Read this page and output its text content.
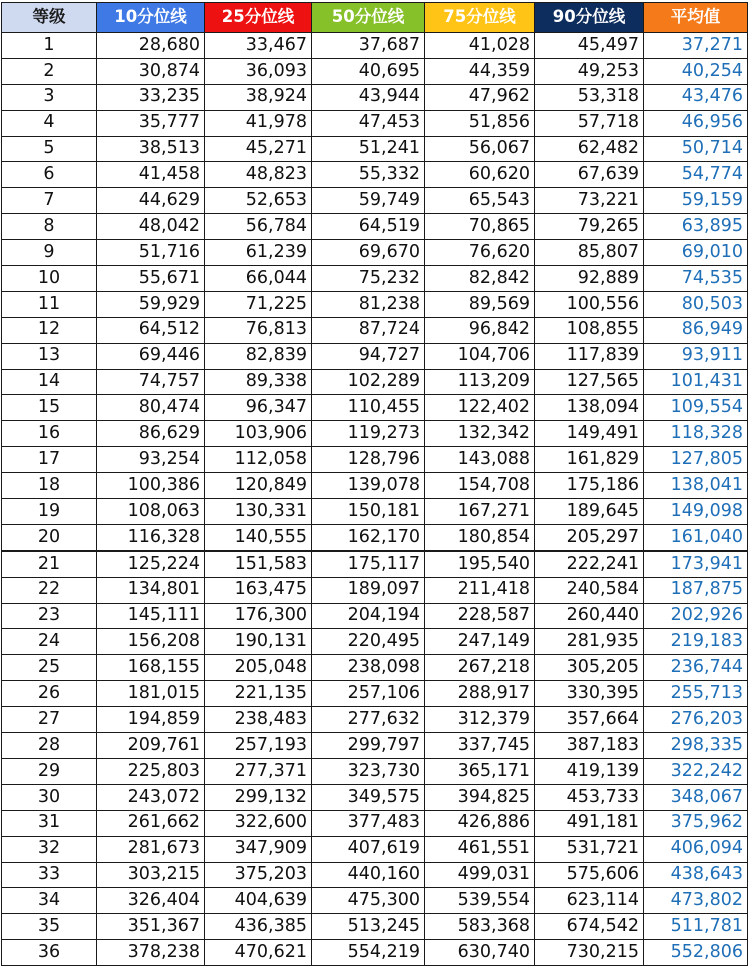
等级	10分位线	25分位线	50分位线	75分位线	90分位线	平均值
1	28,680	33,467	37,687	41,028	45,497	37,271
2	30,874	36,093	40,695	44,359	49,253	40,254
3	33,235	38,924	43,944	47,962	53,318	43,476
4	35,777	41,978	47,453	51,856	57,718	46,956
5	38,513	45,271	51,241	56,067	62,482	50,714
6	41,458	48,823	55,332	60,620	67,639	54,774
7	44,629	52,653	59,749	65,543	73,221	59,159
8	48,042	56,784	64,519	70,865	79,265	63,895
9	51,716	61,239	69,670	76,620	85,807	69,010
10	55,671	66,044	75,232	82,842	92,889	74,535
11	59,929	71,225	81,238	89,569	100,556	80,503
12	64,512	76,813	87,724	96,842	108,855	86,949
13	69,446	82,839	94,727	104,706	117,839	93,911
14	74,757	89,338	102,289	113,209	127,565	101,431
15	80,474	96,347	110,455	122,402	138,094	109,554
16	86,629	103,906	119,273	132,342	149,491	118,328
17	93,254	112,058	128,796	143,088	161,829	127,805
18	100,386	120,849	139,078	154,708	175,186	138,041
19	108,063	130,331	150,181	167,271	189,645	149,098
20	116,328	140,555	162,170	180,854	205,297	161,040
21	125,224	151,583	175,117	195,540	222,241	173,941
22	134,801	163,475	189,097	211,418	240,584	187,875
23	145,111	176,300	204,194	228,587	260,440	202,926
24	156,208	190,131	220,495	247,149	281,935	219,183
25	168,155	205,048	238,098	267,218	305,205	236,744
26	181,015	221,135	257,106	288,917	330,395	255,713
27	194,859	238,483	277,632	312,379	357,664	276,203
28	209,761	257,193	299,797	337,745	387,183	298,335
29	225,803	277,371	323,730	365,171	419,139	322,242
30	243,072	299,132	349,575	394,825	453,733	348,067
31	261,662	322,600	377,483	426,886	491,181	375,962
32	281,673	347,909	407,619	461,551	531,721	406,094
33	303,215	375,203	440,160	499,031	575,606	438,643
34	326,404	404,639	475,300	539,554	623,114	473,802
35	351,367	436,385	513,245	583,368	674,542	511,781
36	378,238	470,621	554,219	630,740	730,215	552,806
